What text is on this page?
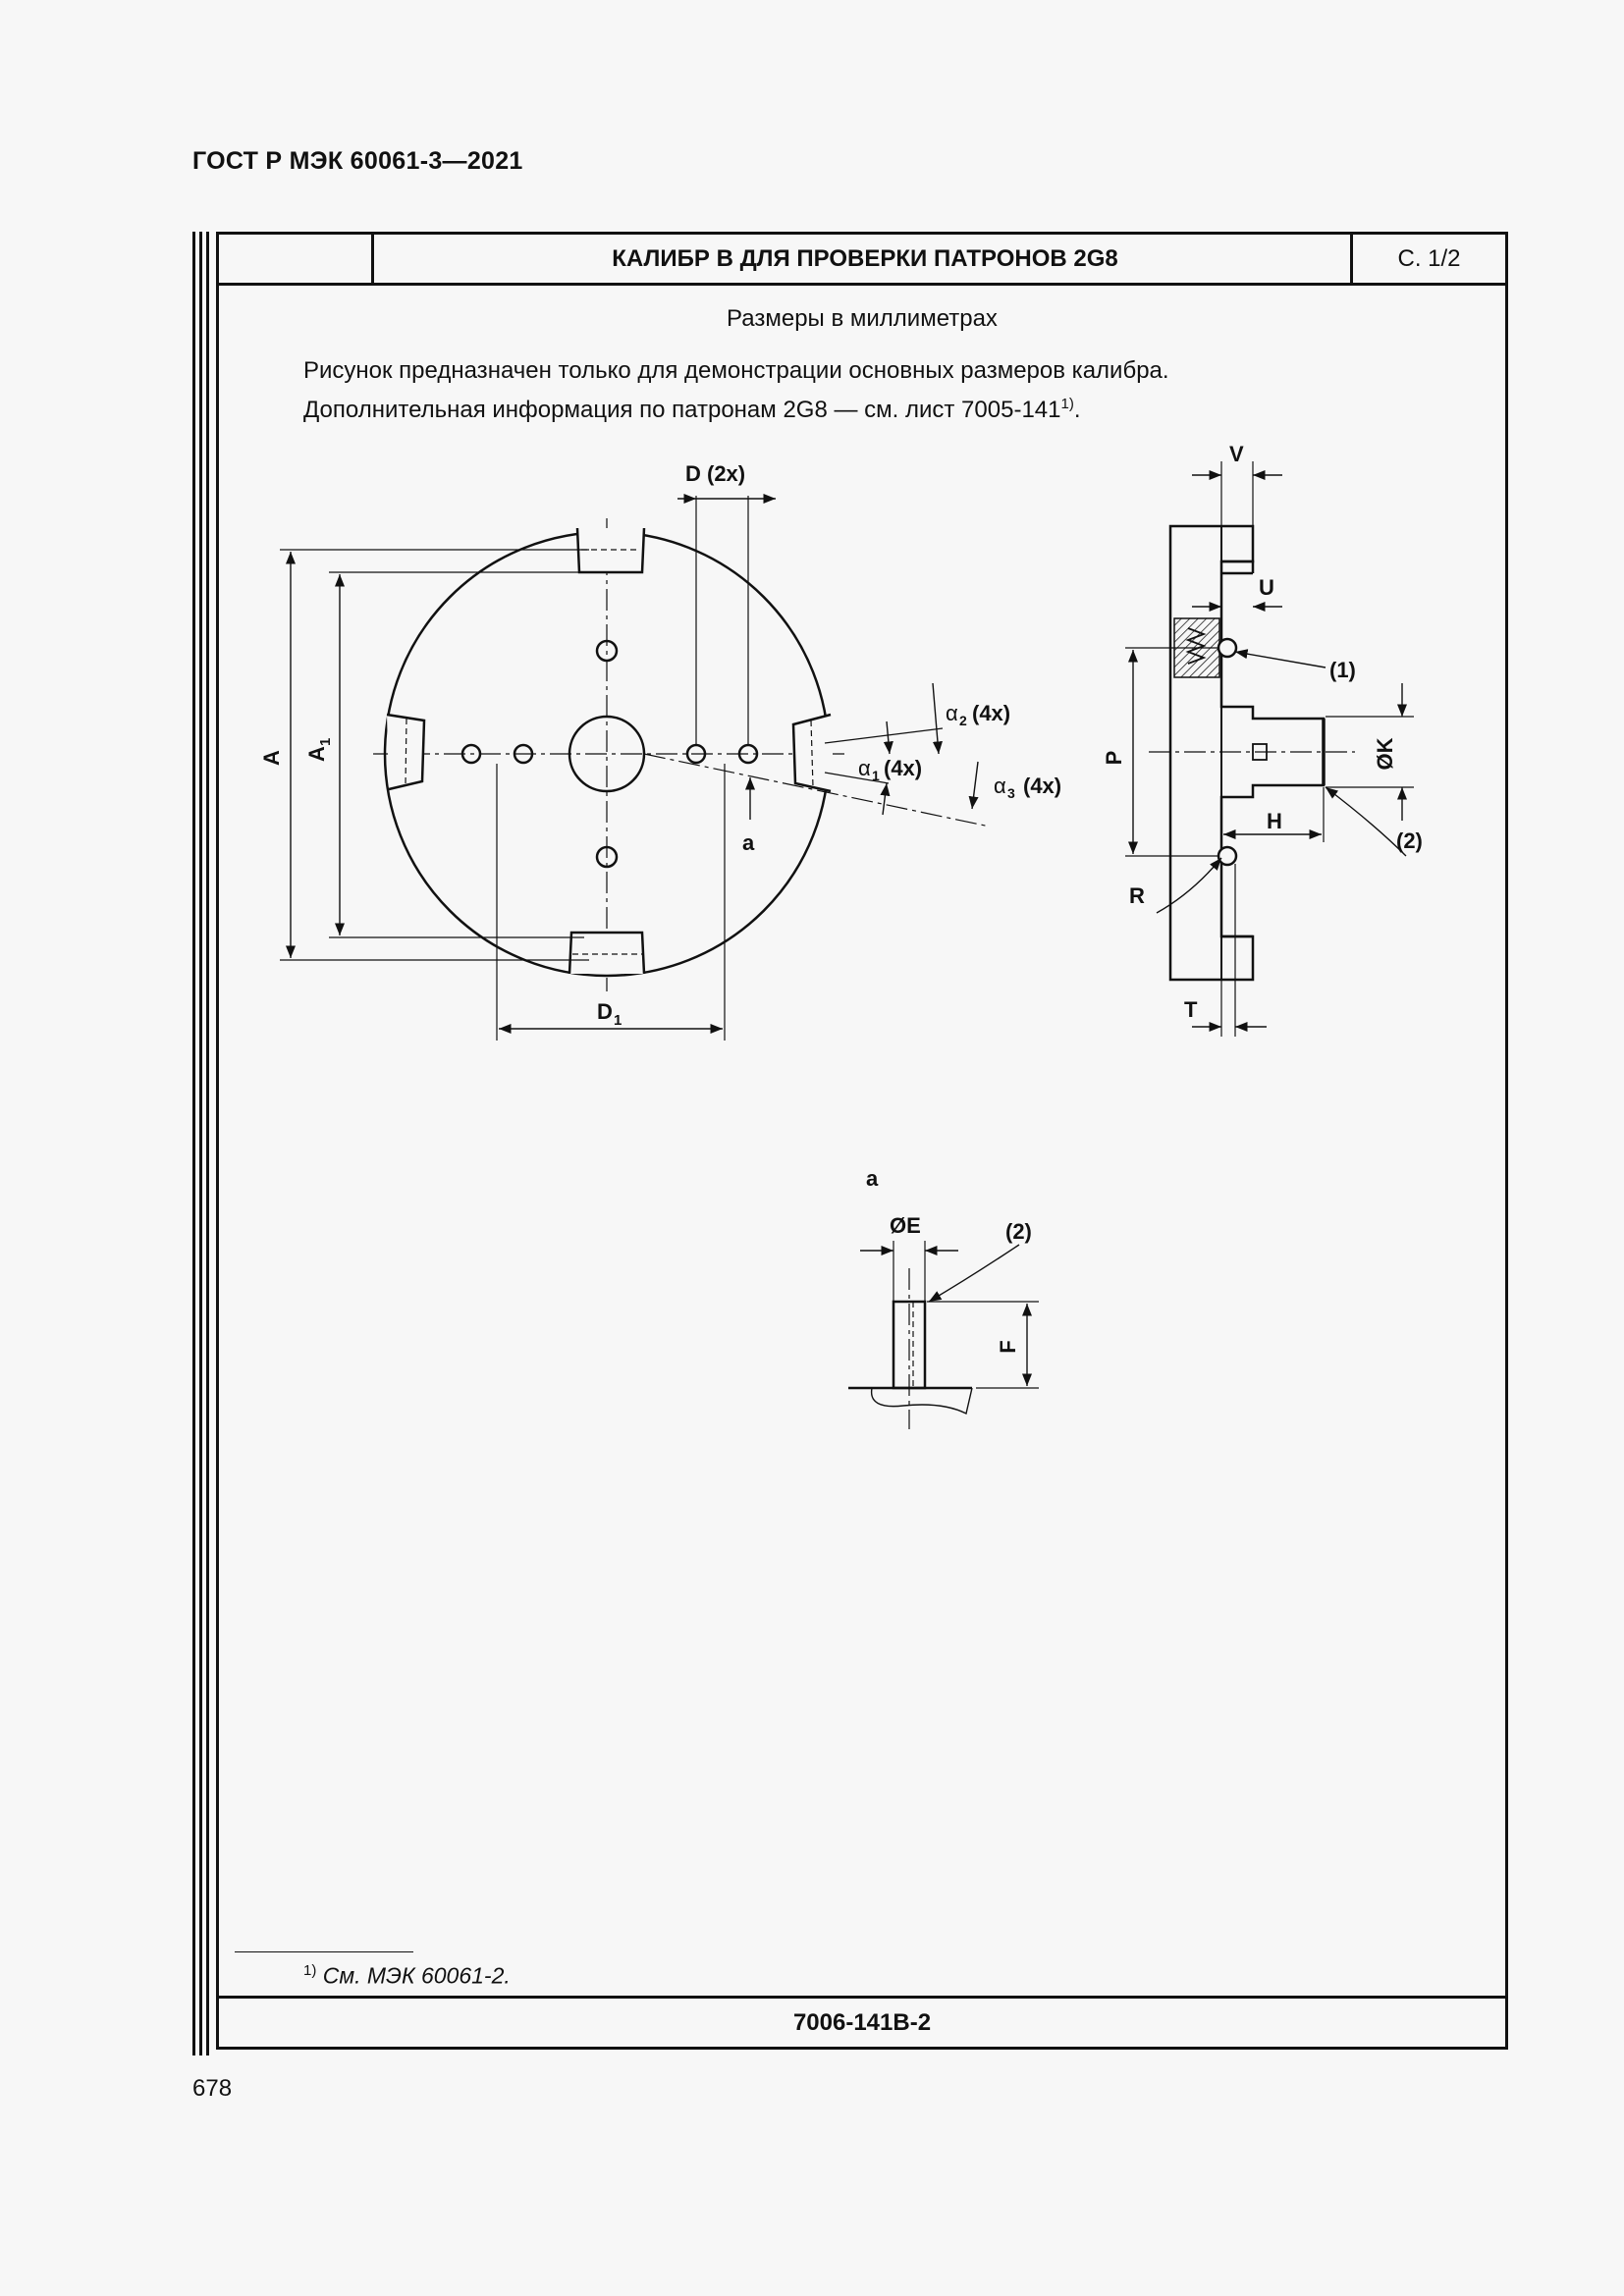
ГОСТ Р МЭК 60061-3—2021
КАЛИБР В ДЛЯ ПРОВЕРКИ ПАТРОНОВ 2G8	С. 1/2
Размеры в миллиметрах
Рисунок предназначен только для демонстрации основных размеров калибра.
Дополнительная информация по патронам 2G8 — см. лист 7005-141$^{1)}$.
$^{1)}$ См. МЭК 60061-2.
7006-141B-2
D (2x)
A A
1
D 1
a
α 1 (4x)
α 2 (4x)
α 3 (4x)
V
U
(1)
P	ØK
H
(2)
R
T
a
ØE	(2)
F
678
